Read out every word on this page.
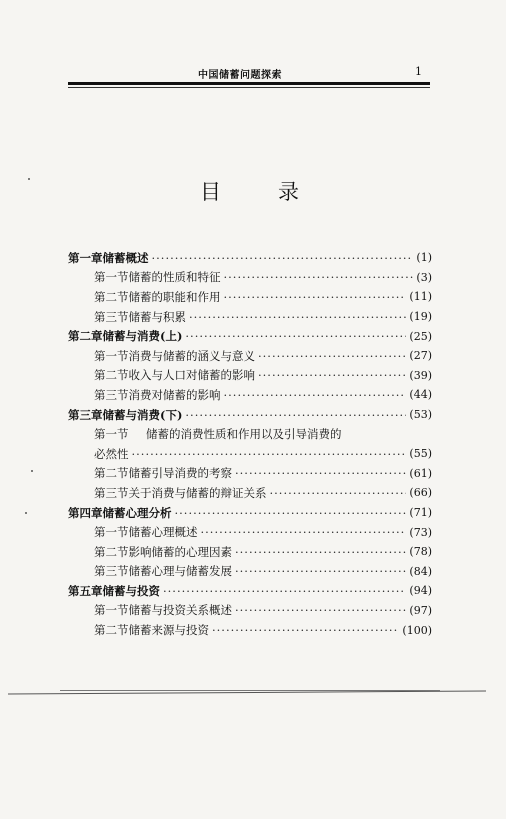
中国储蓄问题探索	1
目	录
第一章 储蓄概述 ·····	(1)
第一节 储蓄的性质和特征 ·····	(3)
第二节 储蓄的职能和作用 ·····	(11)
第三节 储蓄与积累 ·····	(19)
第二章 储蓄与消费(上) ·····	(25)
第一节 消费与储蓄的涵义与意义 ·····	(27)
第二节 收入与人口对储蓄的影响 ·····	(39)
第三节 消费对储蓄的影响 ·····	(44)
第三章 储蓄与消费(下) ·····	(53)
第一节	储蓄的消费性质和作用以及引导消费的
必然性 ·····	(55)
第二节 储蓄引导消费的考察 ·····	(61)
第三节 关于消费与储蓄的辩证关系 ·····	(66)
第四章 储蓄心理分析 ·····	(71)
第一节 储蓄心理概述 ·····	(73)
第二节 影响储蓄的心理因素 ·····	(78)
第三节 储蓄心理与储蓄发展 ·····	(84)
第五章 储蓄与投资 ·····	(94)
第一节 储蓄与投资关系概述 ·····	(97)
第二节 储蓄来源与投资 ·····	(100)
